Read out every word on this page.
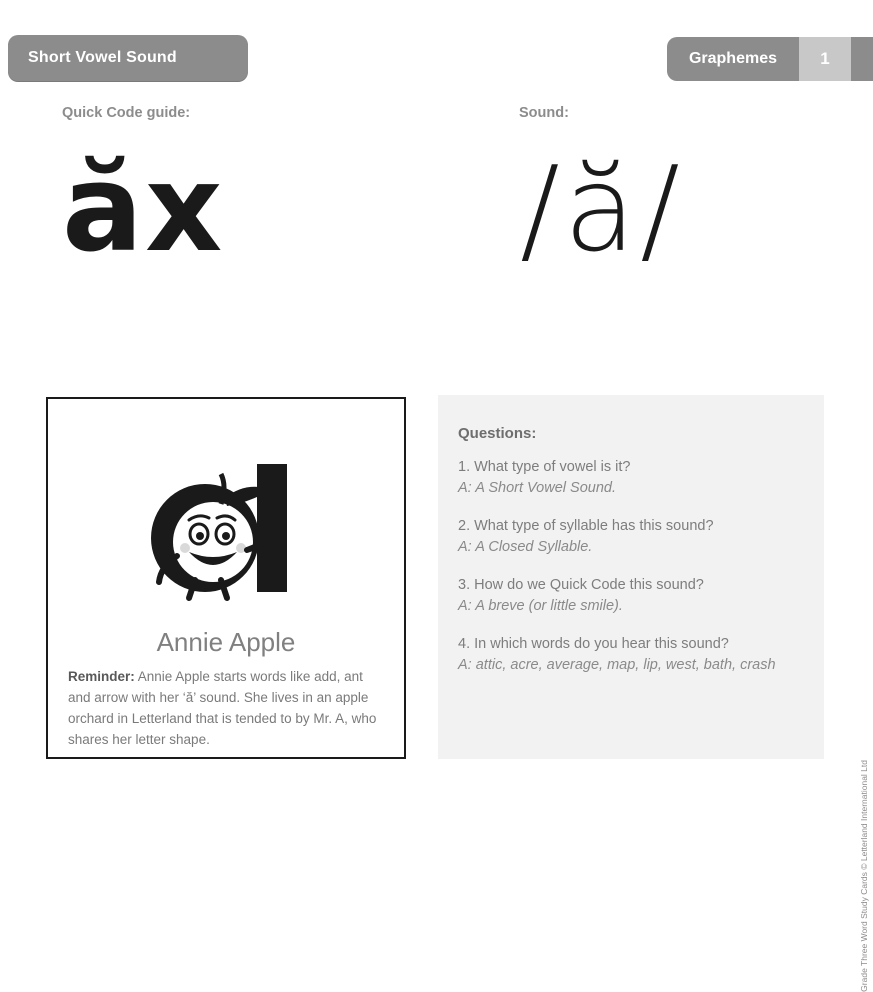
Short Vowel Sound	Graphemes	1
Quick Code guide:
ăx
Sound:
/ă/
Annie Apple
Reminder: Annie Apple starts words like add, ant and arrow with her ‘ă’ sound. She lives in an apple orchard in Letterland that is tended to by Mr. A, who shares her letter shape.
Questions:
1. What type of vowel is it?
A: A Short Vowel Sound.
2. What type of syllable has this sound?
A: A Closed Syllable.
3. How do we Quick Code this sound?
A: A breve (or little smile).
4. In which words do you hear this sound?
A: attic, acre, average, map, lip, west, bath, crash
Grade Three Word Study Cards © Letterland International Ltd
